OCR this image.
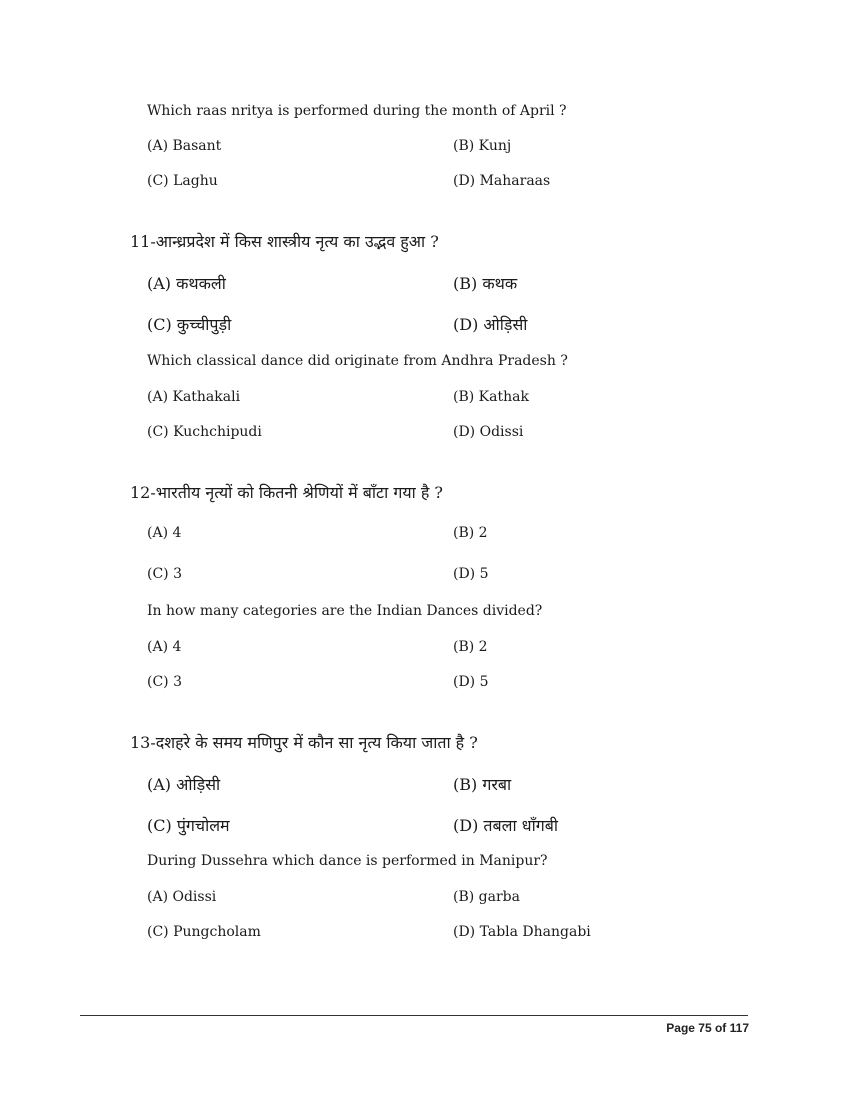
Which raas nritya is performed during the month of April ?
(A) Basant	(B) Kunj
(C) Laghu	(D) Maharaas
11-आन्ध्रप्रदेश में किस शास्त्रीय नृत्य का उद्भव हुआ ?
(A) कथकली	(B) कथक
(C) कुच्चीपुड़ी	(D) ओड़िसी
Which classical dance did originate from Andhra Pradesh ?
(A) Kathakali	(B) Kathak
(C) Kuchchipudi	(D) Odissi
12-भारतीय नृत्यों को कितनी श्रेणियों में बाँटा गया है ?
(A) 4	(B) 2
(C) 3	(D) 5
In how many categories are the Indian Dances divided?
(A) 4	(B) 2
(C) 3	(D) 5
13-दशहरे के समय मणिपुर में कौन सा नृत्य किया जाता है ?
(A) ओड़िसी	(B) गरबा
(C) पुंगचोलम	(D) तबला धाँगबी
During Dussehra which dance is performed in Manipur?
(A) Odissi	(B) garba
(C) Pungcholam	(D) Tabla Dhangabi
Page 75 of 117
